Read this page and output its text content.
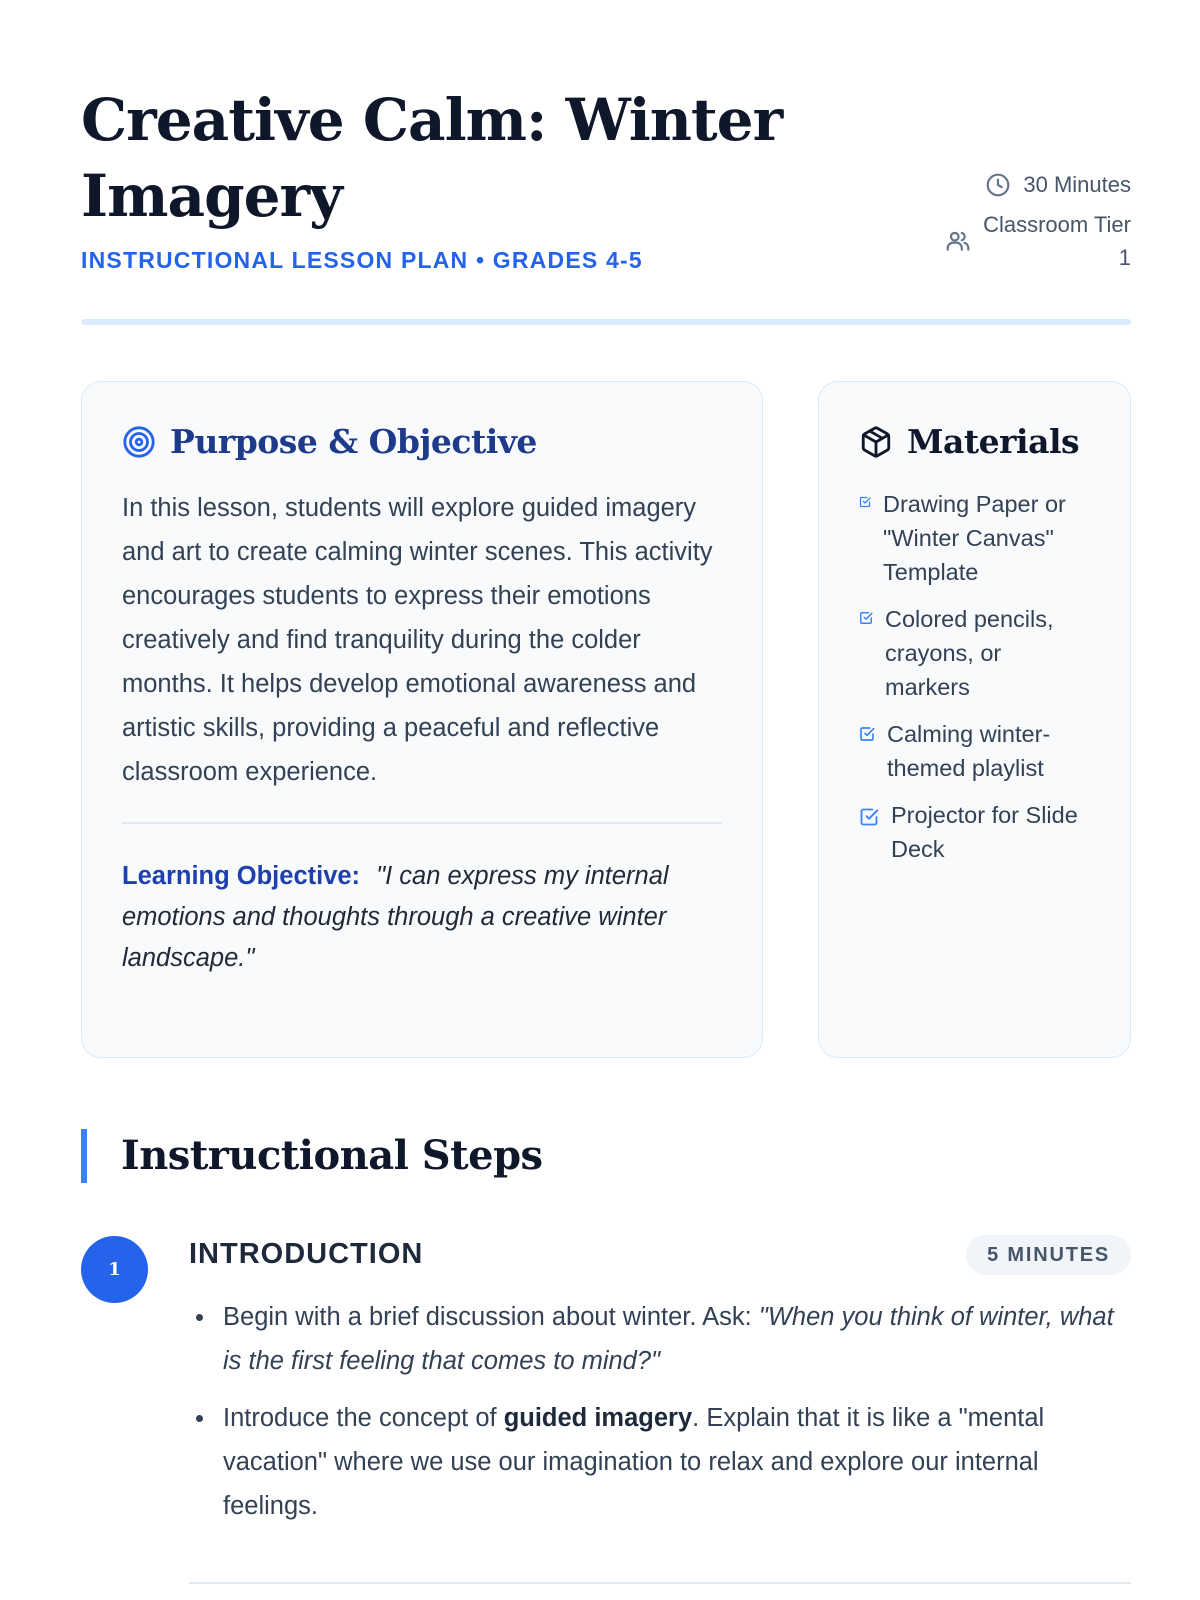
Creative Calm: Winter Imagery
INSTRUCTIONAL LESSON PLAN • GRADES 4-5
30 Minutes
Classroom Tier
1
Purpose & Objective

In this lesson, students will explore guided imagery and art to create calming winter scenes. This activity encourages students to express their emotions creatively and find tranquility during the colder months. It helps develop emotional awareness and artistic skills, providing a peaceful and reflective classroom experience.

Learning Objective: "I can express my internal emotions and thoughts through a creative winter landscape."

Materials
Drawing Paper or "Winter Canvas" Template
Colored pencils, crayons, or markers
Calming winter-themed playlist
Projector for Slide Deck
Instructional Steps
1	INTRODUCTION	5 MINUTES
Begin with a brief discussion about winter. Ask: "When you think of winter, what is the first feeling that comes to mind?"
Introduce the concept of guided imagery. Explain that it is like a "mental vacation" where we use our imagination to relax and explore our internal feelings.
